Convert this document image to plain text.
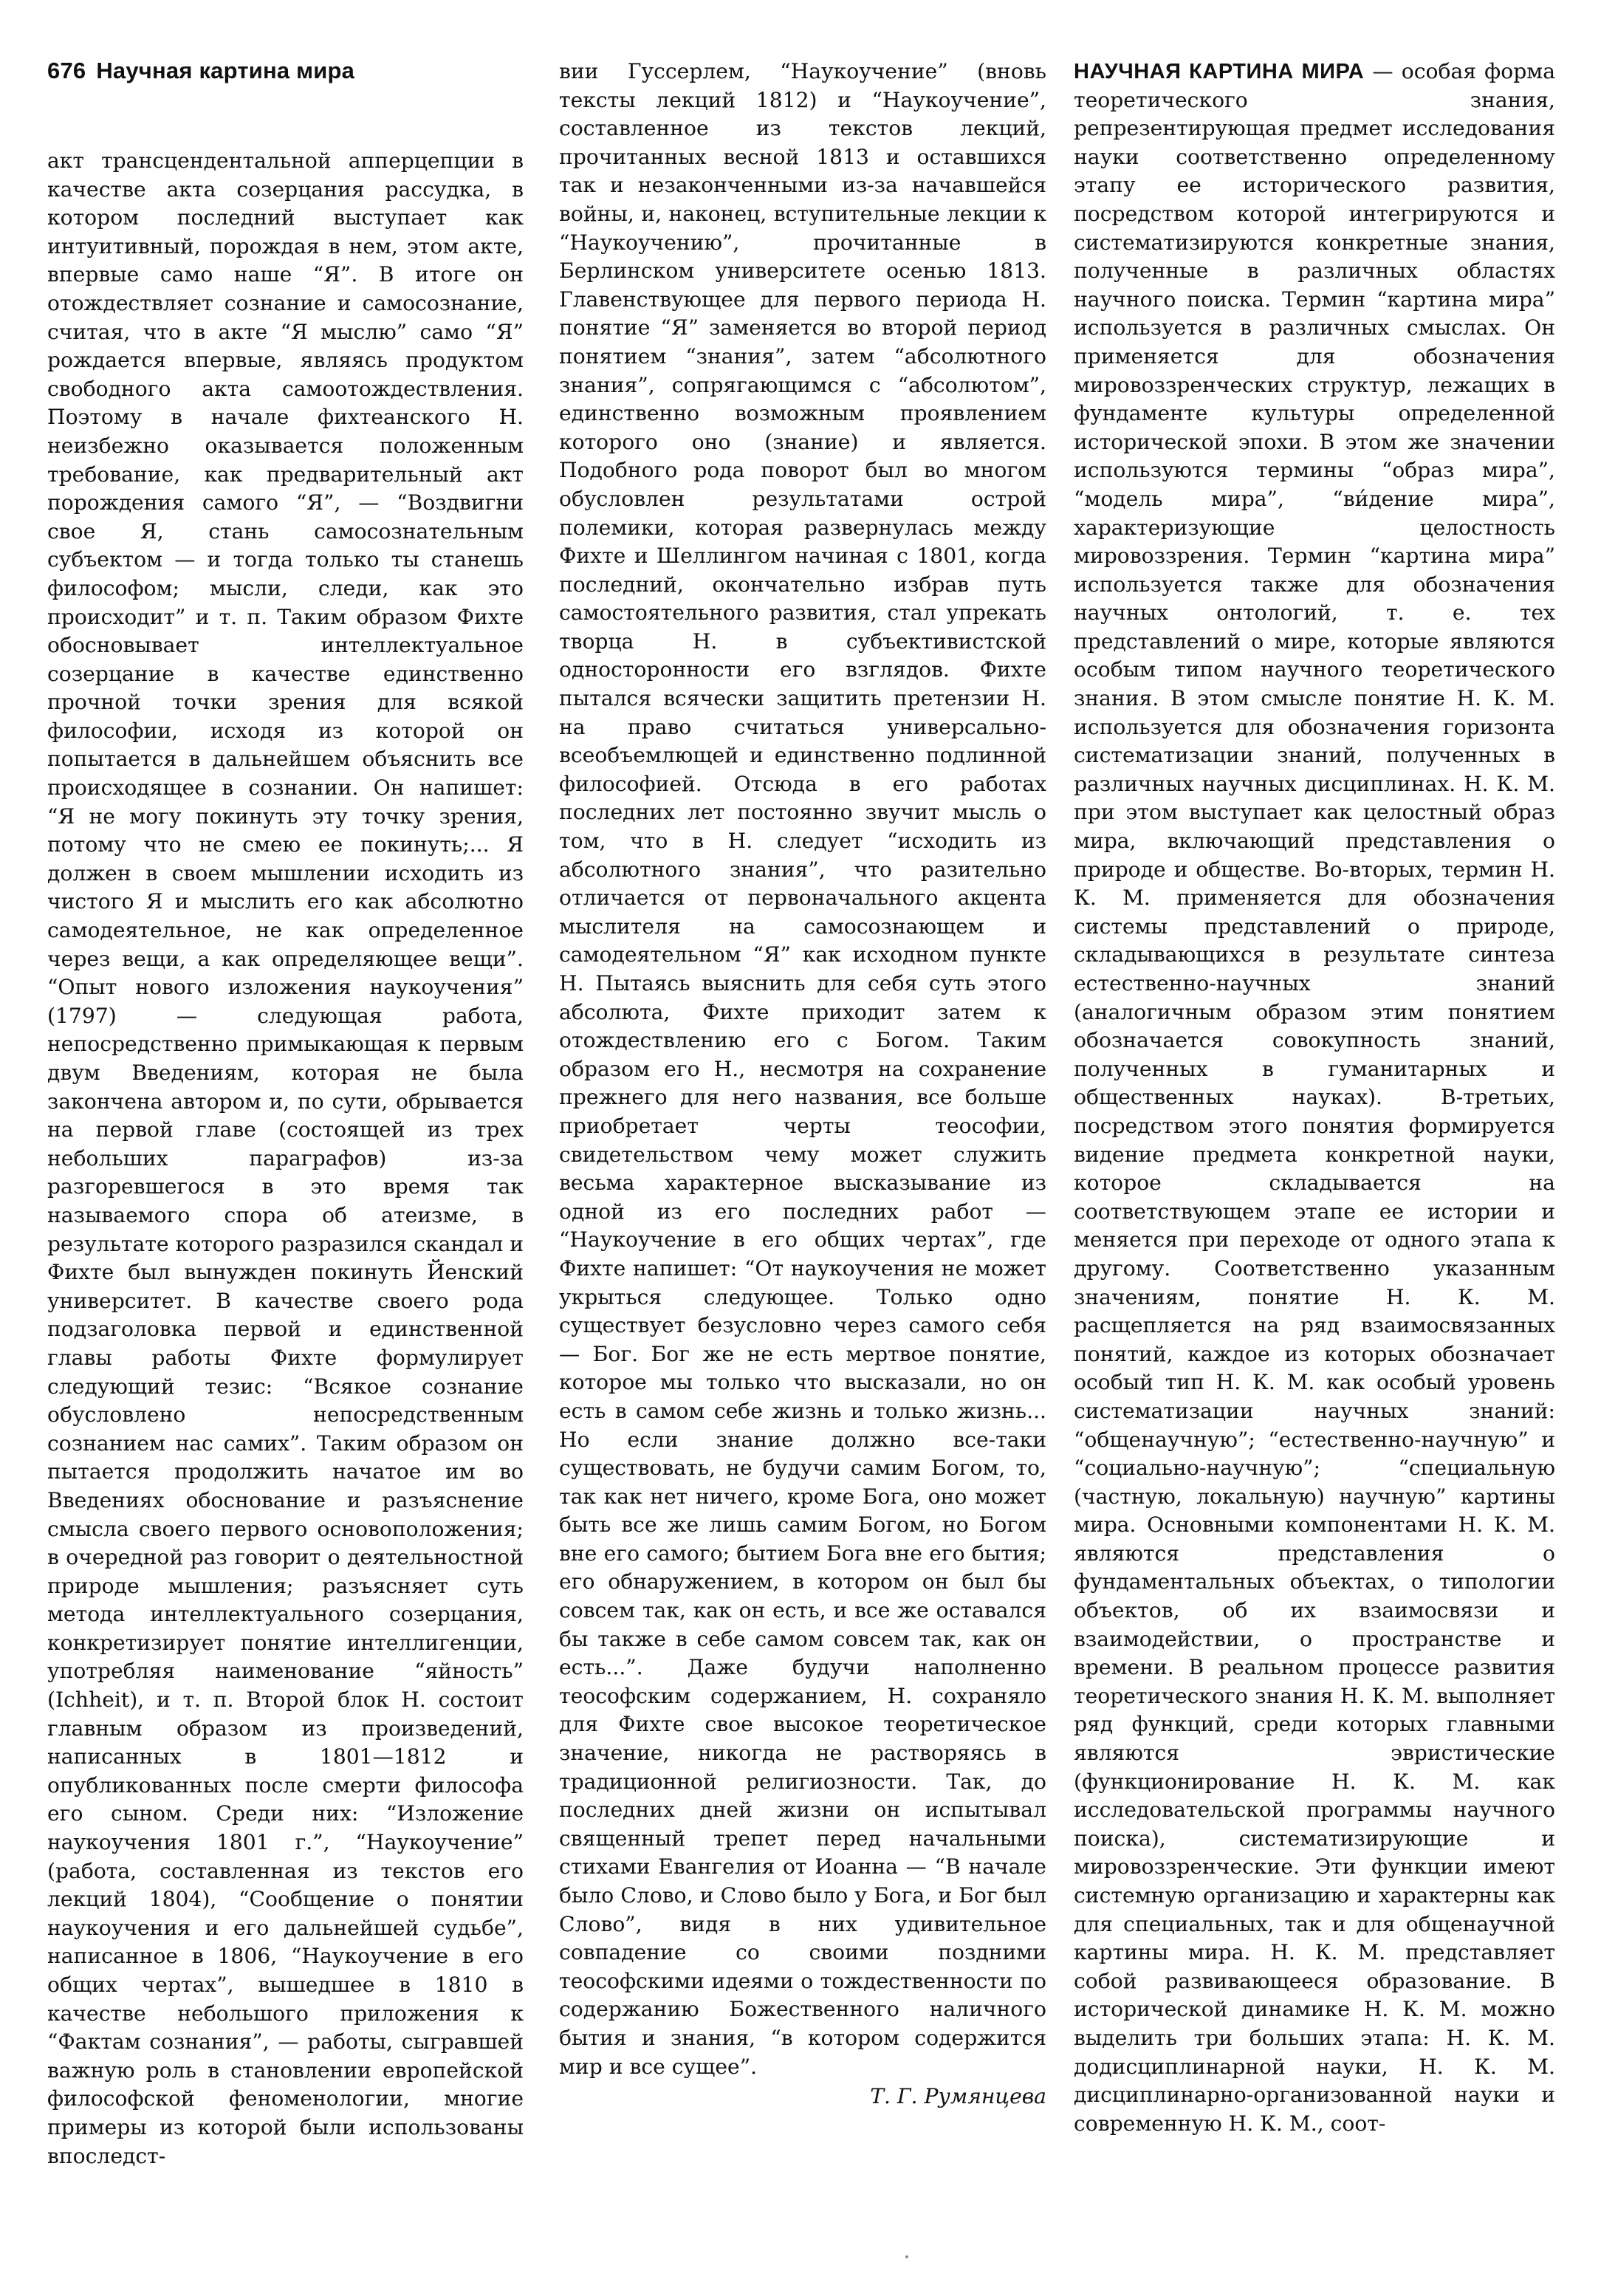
676 Научная картина мира

акт трансцендентальной апперцепции в качестве акта созерцания рассудка, в котором последний выступает как интуитивный, порождая в нем, этом акте, впервые само наше “Я”. В итоге он отождествляет сознание и самосознание, считая, что в акте “Я мыслю” само “Я” рождается впервые, являясь продуктом свободного акта самоотождествления. Поэтому в начале фихтеанского Н. неизбежно оказывается положенным требование, как предварительный акт порождения самого “Я”, — “Воздвигни свое Я, стань самосознательным субъектом — и тогда только ты станешь философом; мысли, следи, как это происходит” и т. п. Таким образом Фихте обосновывает интеллектуальное созерцание в качестве единственно прочной точки зрения для всякой философии, исходя из которой он попытается в дальнейшем объяснить все происходящее в сознании. Он напишет: “Я не могу покинуть эту точку зрения, потому что не смею ее покинуть;... Я должен в своем мышлении исходить из чистого Я и мыслить его как абсолютно самодеятельное, не как определенное через вещи, а как определяющее вещи”. “Опыт нового изложения наукоучения” (1797) — следующая работа, непосредственно примыкающая к первым двум Введениям, которая не была закончена автором и, по сути, обрывается на первой главе (состоящей из трех небольших параграфов) из-за разгоревшегося в это время так называемого спора об атеизме, в результате которого разразился скандал и Фихте был вынужден покинуть Йенский университет. В качестве своего рода подзаголовка первой и единственной главы работы Фихте формулирует следующий тезис: “Всякое сознание обусловлено непосредственным сознанием нас самих”. Таким образом он пытается продолжить начатое им во Введениях обоснование и разъяснение смысла своего первого основоположения; в очередной раз говорит о деятельностной природе мышления; разъясняет суть метода интеллектуального созерцания, конкретизирует понятие интеллигенции, употребляя наименование “яйность” (Ichheit), и т. п. Второй блок Н. состоит главным образом из произведений, написанных в 1801—1812 и опубликованных после смерти философа его сыном. Среди них: “Изложение наукоучения 1801 г.”, “Наукоучение” (работа, составленная из текстов его лекций 1804), “Сообщение о понятии наукоучения и его дальнейшей судьбе”, написанное в 1806, “Наукоучение в его общих чертах”, вышедшее в 1810 в качестве небольшого приложения к “Фактам сознания”, — работы, сыгравшей важную роль в становлении европейской философской феноменологии, многие примеры из которой были использованы впоследст-

вии Гуссерлем, “Наукоучение” (вновь тексты лекций 1812) и “Наукоучение”, составленное из текстов лекций, прочитанных весной 1813 и оставшихся так и незаконченными из-за начавшейся войны, и, наконец, вступительные лекции к “Наукоучению”, прочитанные в Берлинском университете осенью 1813. Главенствующее для первого периода Н. понятие “Я” заменяется во второй период понятием “знания”, затем “абсолютного знания”, сопрягающимся с “абсолютом”, единственно возможным проявлением которого оно (знание) и является. Подобного рода поворот был во многом обусловлен результатами острой полемики, которая развернулась между Фихте и Шеллингом начиная с 1801, когда последний, окончательно избрав путь самостоятельного развития, стал упрекать творца Н. в субъективистской односторонности его взглядов. Фихте пытался всячески защитить претензии Н. на право считаться универсально-всеобъемлющей и единственно подлинной философией. Отсюда в его работах последних лет постоянно звучит мысль о том, что в Н. следует “исходить из абсолютного знания”, что разительно отличается от первоначального акцента мыслителя на самосознающем и самодеятельном “Я” как исходном пункте Н. Пытаясь выяснить для себя суть этого абсолюта, Фихте приходит затем к отождествлению его с Богом. Таким образом его Н., несмотря на сохранение прежнего для него названия, все больше приобретает черты теософии, свидетельством чему может служить весьма характерное высказывание из одной из его последних работ — “Наукоучение в его общих чертах”, где Фихте напишет: “От наукоучения не может укрыться следующее. Только одно существует безусловно через самого себя — Бог. Бог же не есть мертвое понятие, которое мы только что высказали, но он есть в самом себе жизнь и только жизнь... Но если знание должно все-таки существовать, не будучи самим Богом, то, так как нет ничего, кроме Бога, оно может быть все же лишь самим Богом, но Богом вне его самого; бытием Бога вне его бытия; его обнаружением, в котором он был бы совсем так, как он есть, и все же оставался бы также в себе самом совсем так, как он есть...”. Даже будучи наполненно теософским содержанием, Н. сохраняло для Фихте свое высокое теоретическое значение, никогда не растворяясь в традиционной религиозности. Так, до последних дней жизни он испытывал священный трепет перед начальными стихами Евангелия от Иоанна — “В начале было Слово, и Слово было у Бога, и Бог был Слово”, видя в них удивительное совпадение со своими поздними теософскими идеями о тождественности по содержанию Божественного наличного бытия и знания, “в котором содержится мир и все сущее”.

Т. Г. Румянцева

НАУЧНАЯ КАРТИНА МИРА — особая форма теоретического знания, репрезентирующая предмет исследования науки соответственно определенному этапу ее исторического развития, посредством которой интегрируются и систематизируются конкретные знания, полученные в различных областях научного поиска. Термин “картина мира” используется в различных смыслах. Он применяется для обозначения мировоззренческих структур, лежащих в фундаменте культуры определенной исторической эпохи. В этом же значении используются термины “образ мира”, “модель мира”, “ви́дение мира”, характеризующие целостность мировоззрения. Термин “картина мира” используется также для обозначения научных онтологий, т. е. тех представлений о мире, которые являются особым типом научного теоретического знания. В этом смысле понятие Н. К. М. используется для обозначения горизонта систематизации знаний, полученных в различных научных дисциплинах. Н. К. М. при этом выступает как целостный образ мира, включающий представления о природе и обществе. Во-вторых, термин Н. К. М. применяется для обозначения системы представлений о природе, складывающихся в результате синтеза естественно-научных знаний (аналогичным образом этим понятием обозначается совокупность знаний, полученных в гуманитарных и общественных науках). В-третьих, посредством этого понятия формируется видение предмета конкретной науки, которое складывается на соответствующем этапе ее истории и меняется при переходе от одного этапа к другому. Соответственно указанным значениям, понятие Н. К. М. расщепляется на ряд взаимосвязанных понятий, каждое из которых обозначает особый тип Н. К. М. как особый уровень систематизации научных знаний: “общенаучную”; “естественно-научную” и “социально-научную”; “специальную (частную, локальную) научную” картины мира. Основными компонентами Н. К. М. являются представления о фундаментальных объектах, о типологии объектов, об их взаимосвязи и взаимодействии, о пространстве и времени. В реальном процессе развития теоретического знания Н. К. М. выполняет ряд функций, среди которых главными являются эвристические (функционирование Н. К. М. как исследовательской программы научного поиска), систематизирующие и мировоззренческие. Эти функции имеют системную организацию и характерны как для специальных, так и для общенаучной картины мира. Н. К. М. представляет собой развивающееся образование. В исторической динамике Н. К. М. можно выделить три больших этапа: Н. К. М. додисциплинарной науки, Н. К. М. дисциплинарно-организованной науки и современную Н. К. М., соот-
